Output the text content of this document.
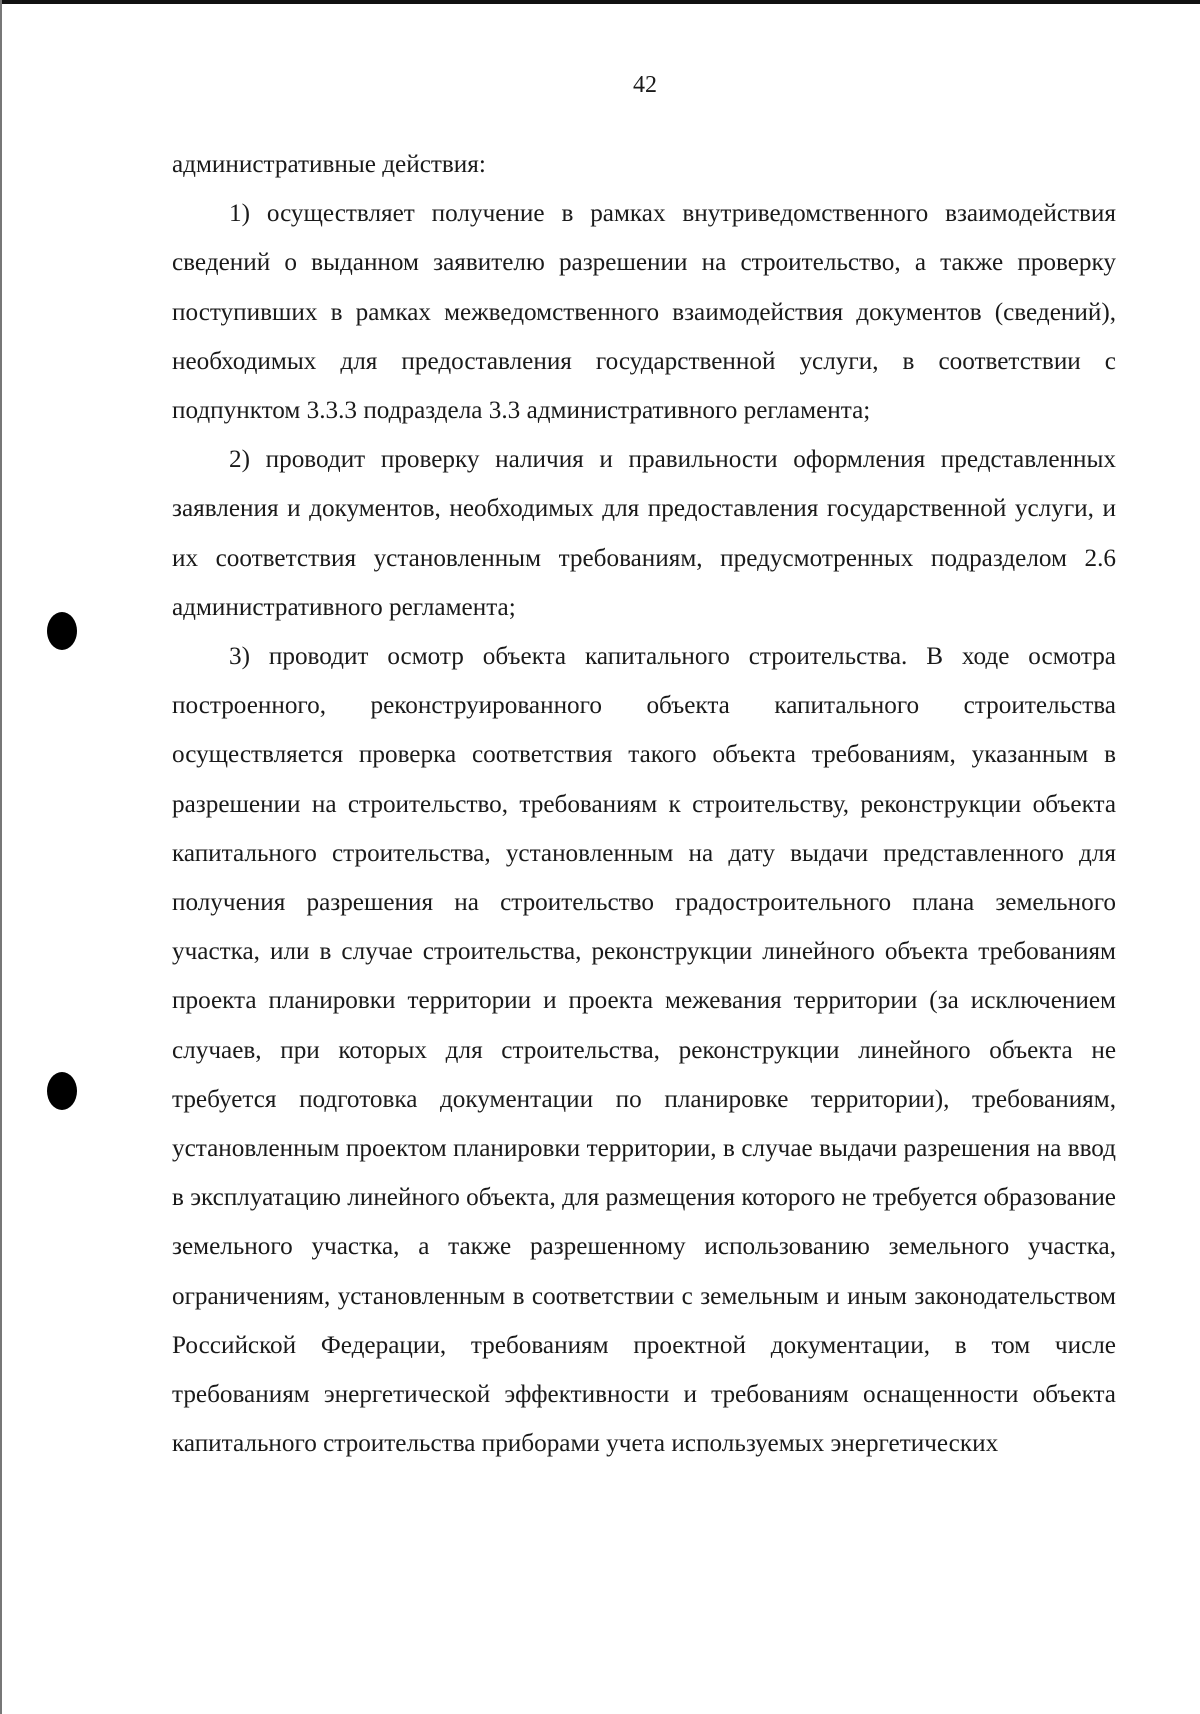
42

административные действия:

1) осуществляет получение в рамках внутриведомственного взаимодействия сведений о выданном заявителю разрешении на строительство, а также проверку поступивших в рамках межведомственного взаимодействия документов (сведений), необходимых для предоставления государственной услуги, в соответствии с подпунктом 3.3.3 подраздела 3.3 административного регламента;

2) проводит проверку наличия и правильности оформления представленных заявления и документов, необходимых для предоставления государственной услуги, и их соответствия установленным требованиям, предусмотренных подразделом 2.6 административного регламента;

3) проводит осмотр объекта капитального строительства. В ходе осмотра построенного, реконструированного объекта капитального строительства осуществляется проверка соответствия такого объекта требованиям, указанным в разрешении на строительство, требованиям к строительству, реконструкции объекта капитального строительства, установленным на дату выдачи представленного для получения разрешения на строительство градостроительного плана земельного участка, или в случае строительства, реконструкции линейного объекта требованиям проекта планировки территории и проекта межевания территории (за исключением случаев, при которых для строительства, реконструкции линейного объекта не требуется подготовка документации по планировке территории), требованиям, установленным проектом планировки территории, в случае выдачи разрешения на ввод в эксплуатацию линейного объекта, для размещения которого не требуется образование земельного участка, а также разрешенному использованию земельного участка, ограничениям, установленным в соответствии с земельным и иным законодательством Российской Федерации, требованиям проектной документации, в том числе требованиям энергетической эффективности и требованиям оснащенности объекта капитального строительства приборами учета используемых энергетических
